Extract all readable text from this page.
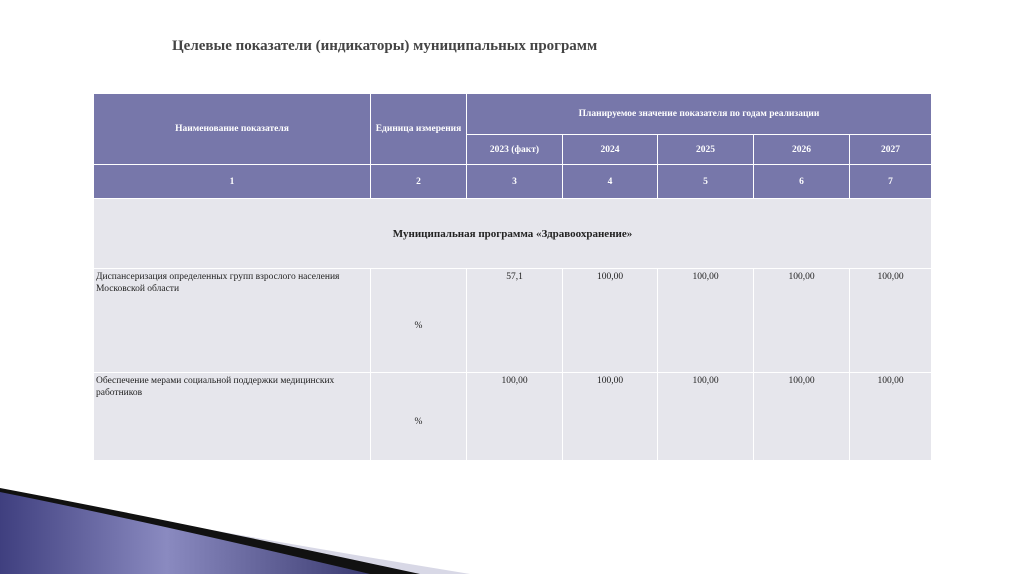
Целевые показатели (индикаторы) муниципальных программ
Наименование показателя	Единица измерения	Планируемое значение показателя по годам реализации				
		2023 (факт)	2024	2025	2026	2027
1	2	3	4	5	6	7
Муниципальная программа «Здравоохранение»						
Диспансеризация определенных групп взрослого населения Московской области	%	57,1	100,00	100,00	100,00	100,00
Обеспечение мерами социальной поддержки медицинских работников	%	100,00	100,00	100,00	100,00	100,00
